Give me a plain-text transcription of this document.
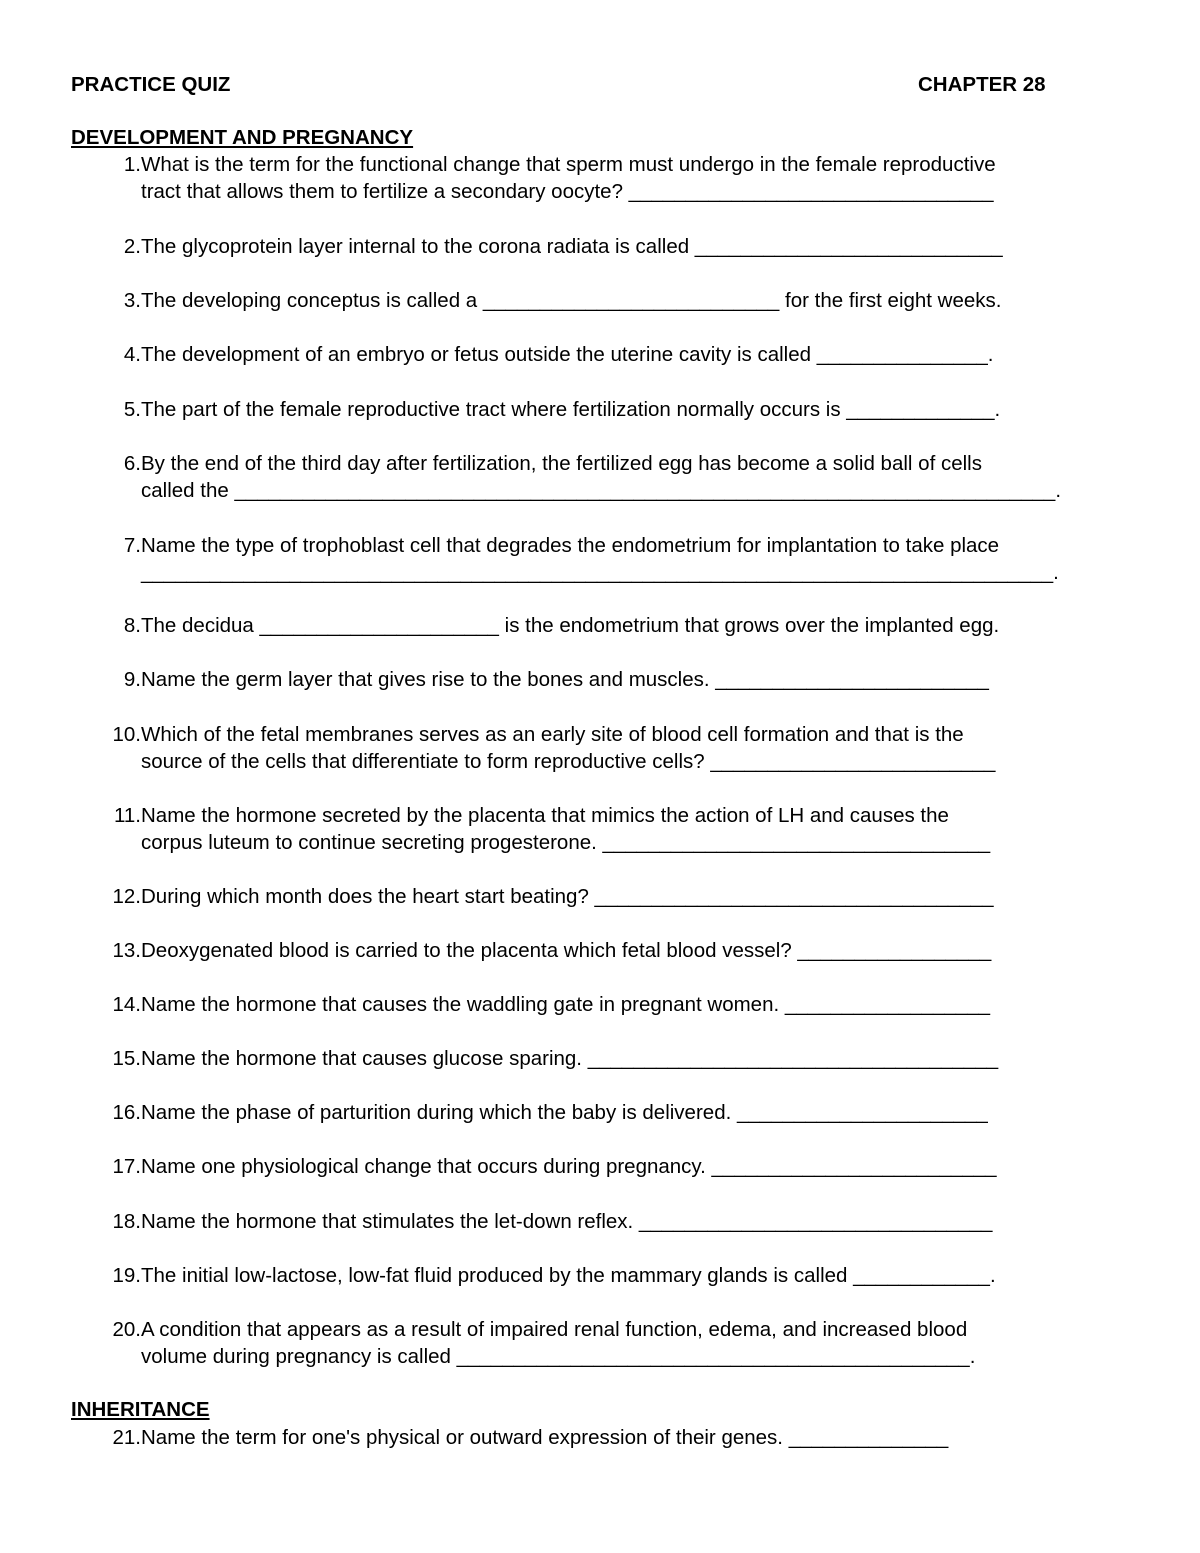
PRACTICE QUIZ	CHAPTER 28
DEVELOPMENT AND PREGNANCY
1. What is the term for the functional change that sperm must undergo in the female reproductive
tract that allows them to fertilize a secondary oocyte? ________________________________
2. The glycoprotein layer internal to the corona radiata is called ___________________________
3. The developing conceptus is called a __________________________ for the first eight weeks.
4. The development of an embryo or fetus outside the uterine cavity is called _______________.
5. The part of the female reproductive tract where fertilization normally occurs is _____________.
6. By the end of the third day after fertilization, the fertilized egg has become a solid ball of cells
called the ________________________________________________________________________.
7. Name the type of trophoblast cell that degrades the endometrium for implantation to take place
________________________________________________________________________________.
8. The decidua _____________________ is the endometrium that grows over the implanted egg.
9. Name the germ layer that gives rise to the bones and muscles. ________________________
10. Which of the fetal membranes serves as an early site of blood cell formation and that is the
source of the cells that differentiate to form reproductive cells? _________________________
11. Name the hormone secreted by the placenta that mimics the action of LH and causes the
corpus luteum to continue secreting progesterone. __________________________________
12. During which month does the heart start beating? ___________________________________
13. Deoxygenated blood is carried to the placenta which fetal blood vessel? _________________
14. Name the hormone that causes the waddling gate in pregnant women. __________________
15. Name the hormone that causes glucose sparing. ____________________________________
16. Name the phase of parturition during which the baby is delivered. ______________________
17. Name one physiological change that occurs during pregnancy. _________________________
18. Name the hormone that stimulates the let-down reflex. _______________________________
19. The initial low-lactose, low-fat fluid produced by the mammary glands is called ____________.
20. A condition that appears as a result of impaired renal function, edema, and increased blood
volume during pregnancy is called _____________________________________________.
INHERITANCE
21. Name the term for one's physical or outward expression of their genes. ______________
